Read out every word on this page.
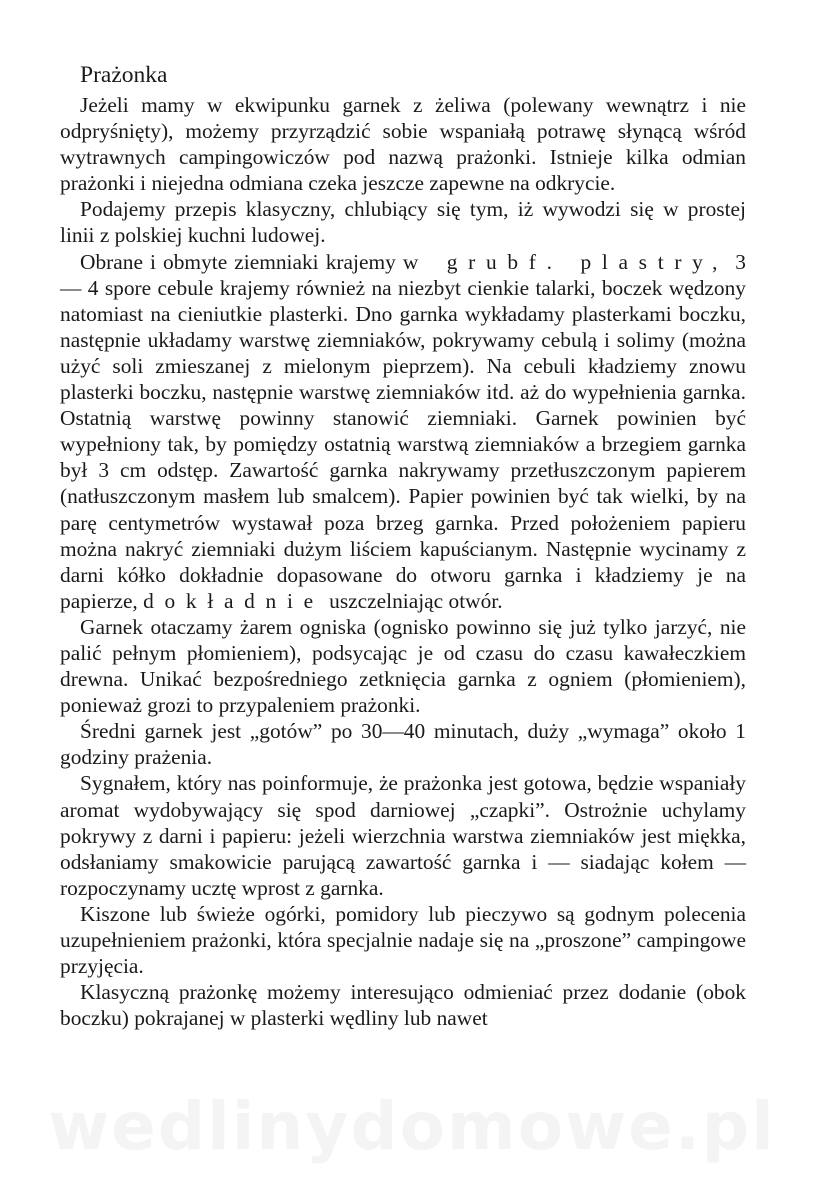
Prażonka

Jeżeli mamy w ekwipunku garnek z żeliwa (polewany wewnątrz i nie odpryśnięty), możemy przyrządzić sobie wspaniałą potrawę słynącą wśród wytrawnych campingowiczów pod nazwą prażonki. Istnieje kilka odmian prażonki i niejedna odmiana czeka jeszcze zapewne na odkrycie.

Podajemy przepis klasyczny, chlubiący się tym, iż wywodzi się w prostej linii z polskiej kuchni ludowej.

Obrane i obmyte ziemniaki krajemy w grubf. plastry, 3— 4 spore cebule krajemy również na niezbyt cienkie talarki, boczek wędzony natomiast na cieniutkie plasterki. Dno garnka wykładamy plasterkami boczku, następnie układamy warstwę ziemniaków, pokrywamy cebulą i solimy (można użyć soli zmieszanej z mielonym pieprzem). Na cebuli kładziemy znowu plasterki boczku, następnie warstwę ziemniaków itd. aż do wypełnienia garnka. Ostatnią warstwę powinny stanowić ziemniaki. Garnek powinien być wypełniony tak, by pomiędzy ostatnią warstwą ziemniaków a brzegiem garnka był 3 cm odstęp. Zawartość garnka nakrywamy przetłuszczonym papierem (natłuszczonym masłem lub smalcem). Papier powinien być tak wielki, by na parę centymetrów wystawał poza brzeg garnka. Przed położeniem papieru można nakryć ziemniaki dużym liściem kapuścianym. Następnie wycinamy z darni kółko dokładnie dopasowane do otworu garnka i kładziemy je na papierze, dokładnie uszczelniając otwór.

Garnek otaczamy żarem ogniska (ognisko powinno się już tylko jarzyć, nie palić pełnym płomieniem), podsycając je od czasu do czasu kawałeczkiem drewna. Unikać bezpośredniego zetknięcia garnka z ogniem (płomieniem), ponieważ grozi to przypaleniem prażonki.

Średni garnek jest „gotów” po 30—40 minutach, duży „wymaga” około 1 godziny prażenia.

Sygnałem, który nas poinformuje, że prażonka jest gotowa, będzie wspaniały aromat wydobywający się spod darniowej „czapki”. Ostrożnie uchylamy pokrywy z darni i papieru: jeżeli wierzchnia warstwa ziemniaków jest miękka, odsłaniamy smakowicie parującą zawartość garnka i — siadając kołem — rozpoczynamy ucztę wprost z garnka.

Kiszone lub świeże ogórki, pomidory lub pieczywo są godnym polecenia uzupełnieniem prażonki, która specjalnie nadaje się na „proszone” campingowe przyjęcia.

Klasyczną prażonkę możemy interesująco odmieniać przez dodanie (obok boczku) pokrajanej w plasterki wędliny lub nawet

wedlinydomowe.pl
